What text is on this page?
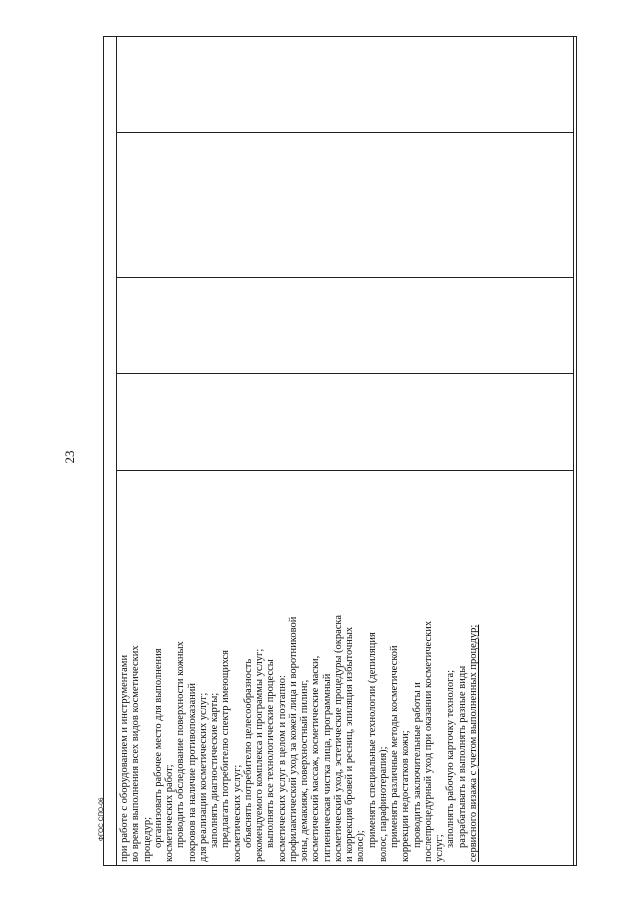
23
при работе с оборудованием и инструментами во время выполнения всех видов косметических процедур; организовать рабочее место для выполнения косметических работ; проводить обследование поверхности кожных покровов на наличие противопоказаний для реализации косметических услуг; заполнять диагностические карты; предлагать потребителю спектр имеющихся косметических услуг; объяснять потребителю целесообразность рекомендуемого комплекса и программы услуг; выполнять все технологические процессы косметических услуг в целом и поэтапно: профилактический уход за кожей лица и воротниковой зоны, демакияж, поверхностный пилинг, косметический массаж, косметические маски, гигиеническая чистка лица, программный косметический уход, эстетические процедуры (окраска и коррекция бровей и ресниц, эпиляция избыточных волос); применять специальные технологии (депиляция волос, парафинотерапия); применять различные методы косметической коррекции недостатков кожи; проводить заключительные работы и послепроцедурный уход при оказании косметических услуг;
заполнять рабочую карточку технолога; разрабатывать и выполнять разные виды сервисного визажа с учетом выполненных процедур;
ФГОС СПО-06
